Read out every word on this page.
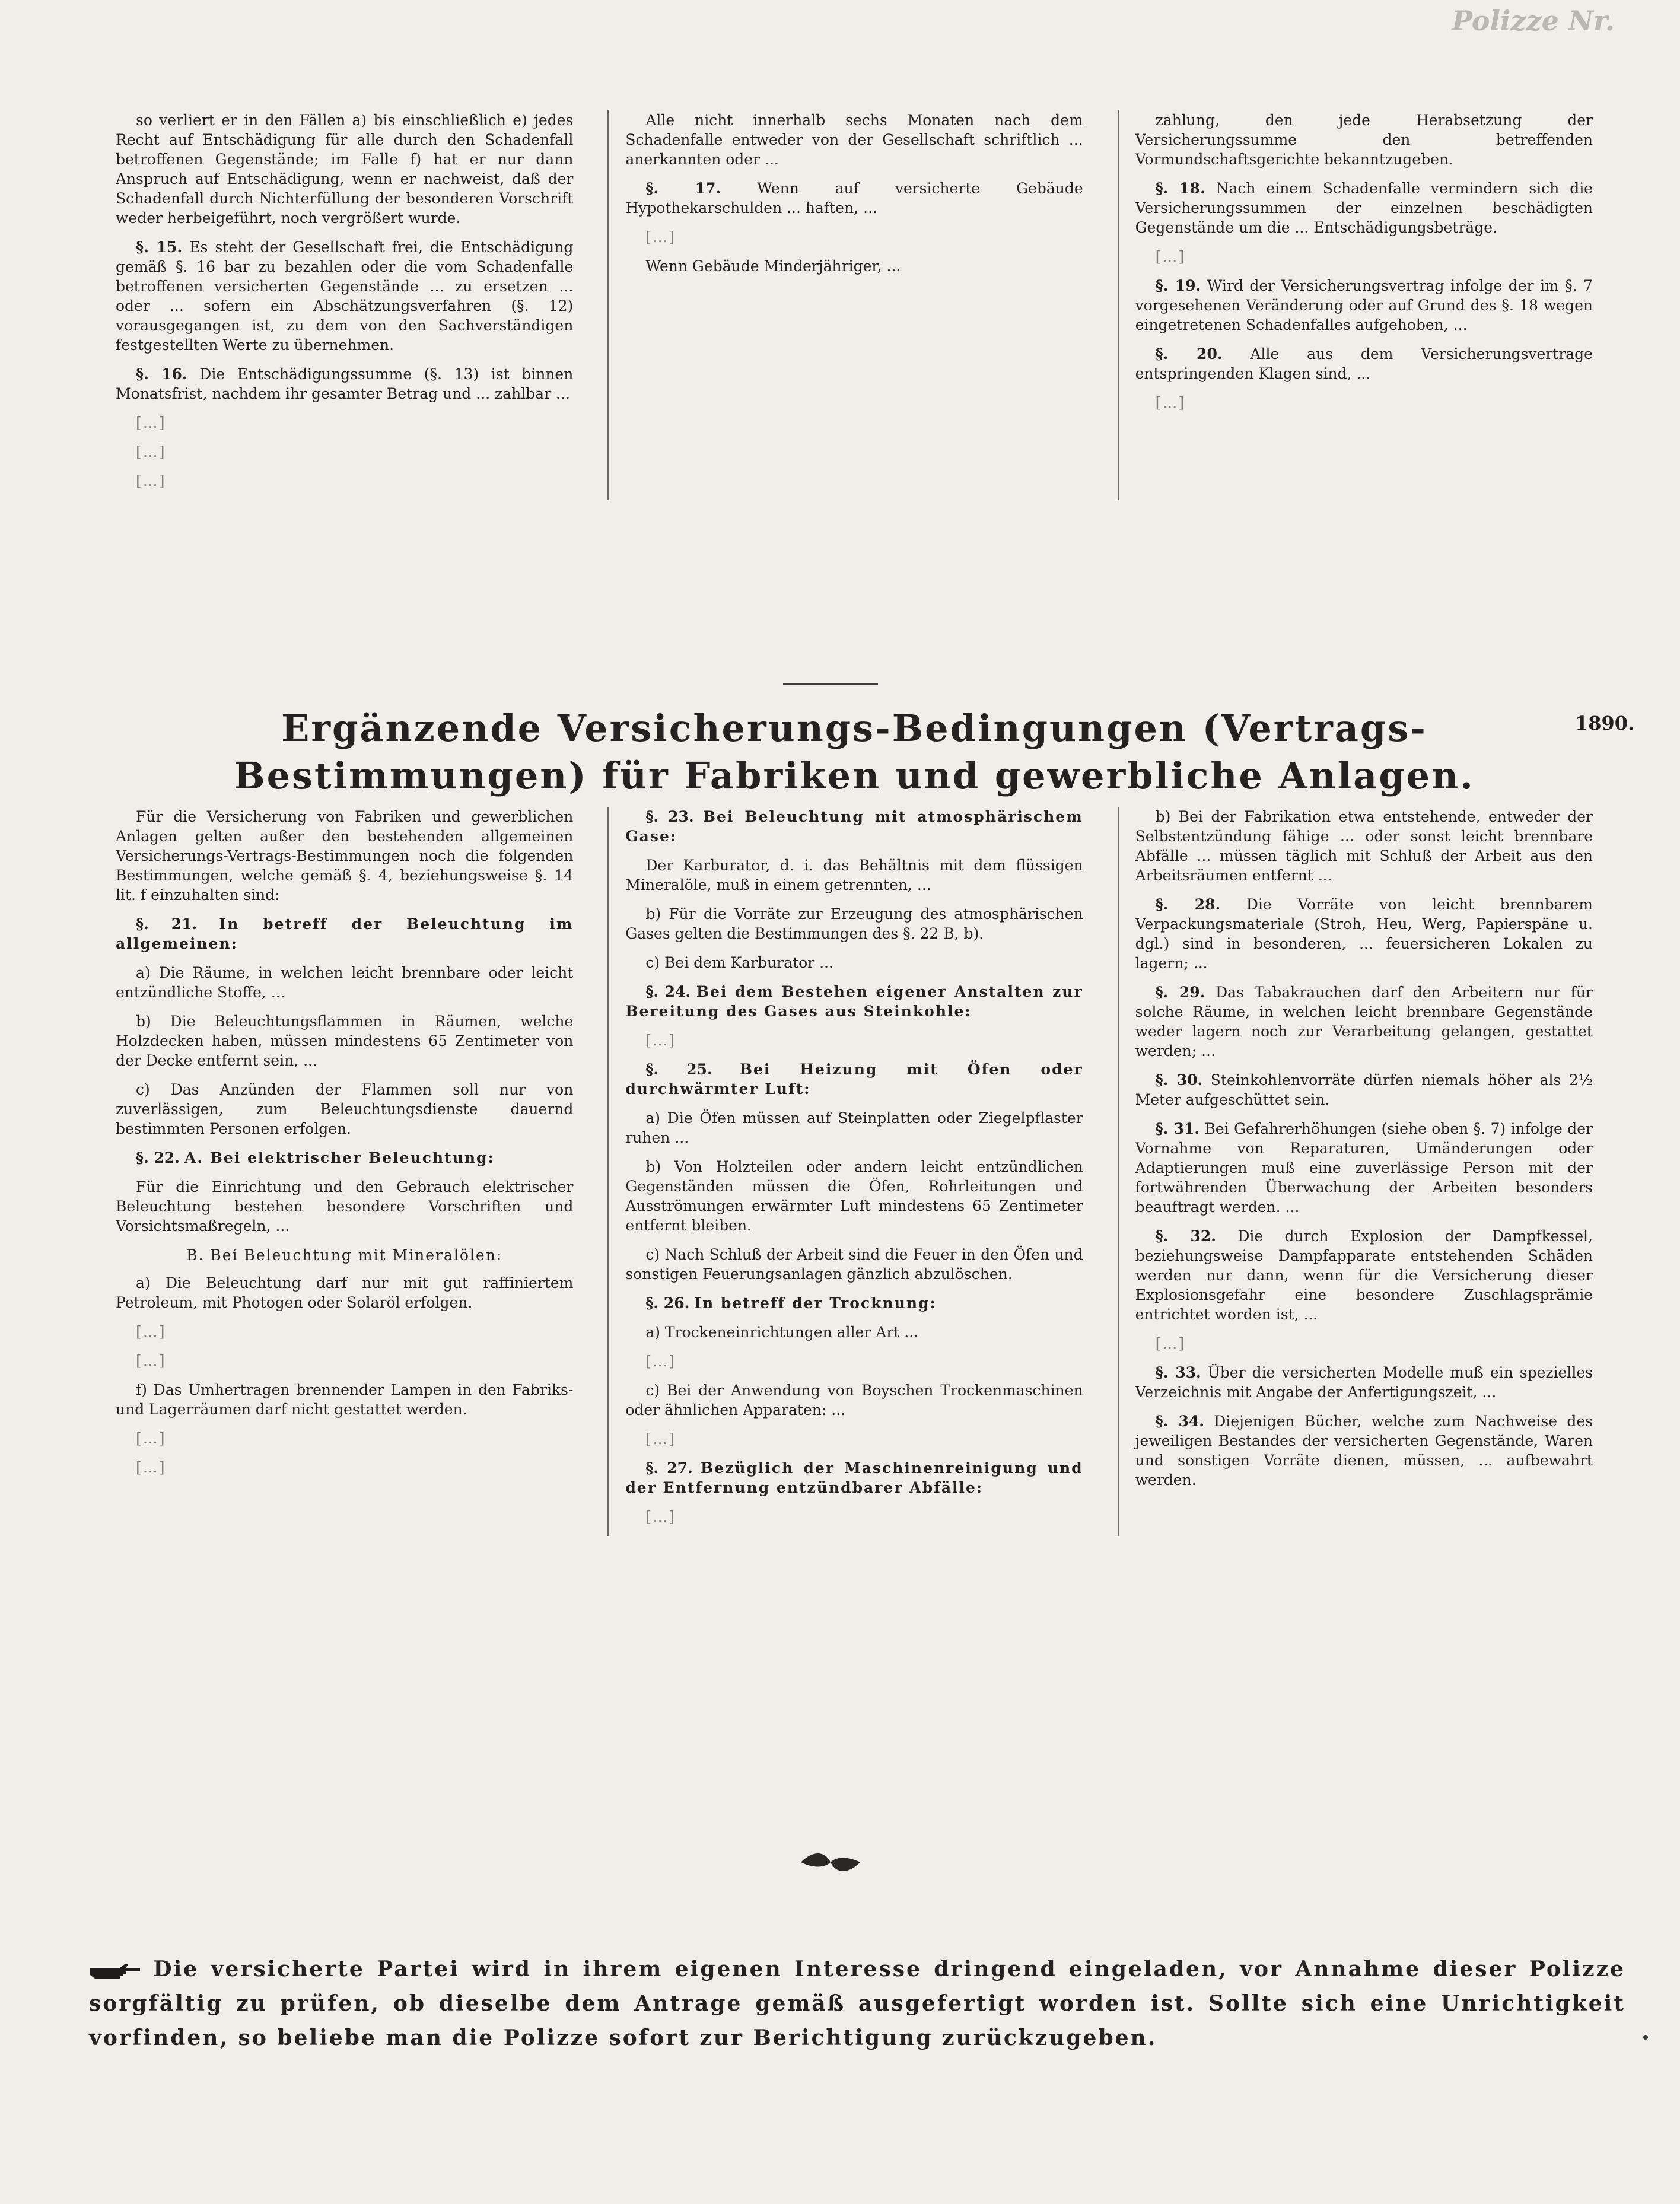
Polizze Nr.

so verliert er in den Fällen a) bis einschließlich e) jedes Recht auf Entschädigung für alle durch den Schadenfall betroffenen Gegenstände; im Falle f) hat er nur dann Anspruch auf Entschädigung, wenn er nachweist, daß der Schadenfall durch Nichterfüllung der besonderen Vorschrift weder herbeigeführt, noch vergrößert wurde.

§. 15. Es steht der Gesellschaft frei, die Entschädigung gemäß §. 16 bar zu bezahlen oder die vom Schadenfalle betroffenen versicherten Gegenstände ... zu ersetzen ... oder ... sofern ein Abschätzungsverfahren (§. 12) vorausgegangen ist, zu dem von den Sachverständigen festgestellten Werte zu übernehmen.

§. 16. Die Entschädigungssumme (§. 13) ist binnen Monatsfrist, nachdem ihr gesamter Betrag und ... zahlbar ...

[…]

[…]

[…]

Alle nicht innerhalb sechs Monaten nach dem Schadenfalle entweder von der Gesellschaft schriftlich ... anerkannten oder ...

§. 17. Wenn auf versicherte Gebäude Hypothekarschulden ... haften, ...

[…]

Wenn Gebäude Minderjähriger, ...

zahlung, den jede Herabsetzung der Versicherungssumme den betreffenden Vormundschaftsgerichte bekanntzugeben.

§. 18. Nach einem Schadenfalle vermindern sich die Versicherungssummen der einzelnen beschädigten Gegenstände um die ... Entschädigungsbeträge.

[…]

§. 19. Wird der Versicherungsvertrag infolge der im §. 7 vorgesehenen Veränderung oder auf Grund des §. 18 wegen eingetretenen Schadenfalles aufgehoben, ...

§. 20. Alle aus dem Versicherungsvertrage entspringenden Klagen sind, ...

[…]

Ergänzende Versicherungs-Bedingungen (Vertrags-Bestimmungen) für Fabriken und gewerbliche Anlagen.
1890.

Für die Versicherung von Fabriken und gewerblichen Anlagen gelten außer den bestehenden allgemeinen Versicherungs-Vertrags-Bestimmungen noch die folgenden Bestimmungen, welche gemäß §. 4, beziehungsweise §. 14 lit. f einzuhalten sind:

§. 21. In betreff der Beleuchtung im allgemeinen:

a) Die Räume, in welchen leicht brennbare oder leicht entzündliche Stoffe, ...

b) Die Beleuchtungsflammen in Räumen, welche Holzdecken haben, müssen mindestens 65 Zentimeter von der Decke entfernt sein, ...

c) Das Anzünden der Flammen soll nur von zuverlässigen, zum Beleuchtungsdienste dauernd bestimmten Personen erfolgen.

§. 22. A. Bei elektrischer Beleuchtung:

Für die Einrichtung und den Gebrauch elektrischer Beleuchtung bestehen besondere Vorschriften und Vorsichtsmaßregeln, ...

B. Bei Beleuchtung mit Mineralölen:

a) Die Beleuchtung darf nur mit gut raffiniertem Petroleum, mit Photogen oder Solaröl erfolgen.

[…]

[…]

f) Das Umhertragen brennender Lampen in den Fabriks- und Lagerräumen darf nicht gestattet werden.

[…]

[…]

§. 23. Bei Beleuchtung mit atmosphärischem Gase:

Der Karburator, d. i. das Behältnis mit dem flüssigen Mineralöle, muß in einem getrennten, ...

b) Für die Vorräte zur Erzeugung des atmosphärischen Gases gelten die Bestimmungen des §. 22 B, b).

c) Bei dem Karburator ...

§. 24. Bei dem Bestehen eigener Anstalten zur Bereitung des Gases aus Steinkohle:

[…]

§. 25. Bei Heizung mit Öfen oder durchwärmter Luft:

a) Die Öfen müssen auf Steinplatten oder Ziegelpflaster ruhen ...

b) Von Holzteilen oder andern leicht entzündlichen Gegenständen müssen die Öfen, Rohrleitungen und Ausströmungen erwärmter Luft mindestens 65 Zentimeter entfernt bleiben.

c) Nach Schluß der Arbeit sind die Feuer in den Öfen und sonstigen Feuerungsanlagen gänzlich abzulöschen.

§. 26. In betreff der Trocknung:

a) Trockeneinrichtungen aller Art ...

[…]

c) Bei der Anwendung von Boyschen Trockenmaschinen oder ähnlichen Apparaten: ...

[…]

§. 27. Bezüglich der Maschinenreinigung und der Entfernung entzündbarer Abfälle:

[…]

b) Bei der Fabrikation etwa entstehende, entweder der Selbstentzündung fähige ... oder sonst leicht brennbare Abfälle ... müssen täglich mit Schluß der Arbeit aus den Arbeitsräumen entfernt ...

§. 28. Die Vorräte von leicht brennbarem Verpackungsmateriale (Stroh, Heu, Werg, Papierspäne u. dgl.) sind in besonderen, ... feuersicheren Lokalen zu lagern; ...

§. 29. Das Tabakrauchen darf den Arbeitern nur für solche Räume, in welchen leicht brennbare Gegenstände weder lagern noch zur Verarbeitung gelangen, gestattet werden; ...

§. 30. Steinkohlenvorräte dürfen niemals höher als 2½ Meter aufgeschüttet sein.

§. 31. Bei Gefahrerhöhungen (siehe oben §. 7) infolge der Vornahme von Reparaturen, Umänderungen oder Adaptierungen muß eine zuverlässige Person mit der fortwährenden Überwachung der Arbeiten besonders beauftragt werden. ...

§. 32. Die durch Explosion der Dampfkessel, beziehungsweise Dampfapparate entstehenden Schäden werden nur dann, wenn für die Versicherung dieser Explosionsgefahr eine besondere Zuschlagsprämie entrichtet worden ist, ...

[…]

§. 33. Über die versicherten Modelle muß ein spezielles Verzeichnis mit Angabe der Anfertigungszeit, ...

§. 34. Diejenigen Bücher, welche zum Nachweise des jeweiligen Bestandes der versicherten Gegenstände, Waren und sonstigen Vorräte dienen, müssen, ... aufbewahrt werden.

Die versicherte Partei wird in ihrem eigenen Interesse dringend eingeladen, vor Annahme dieser Polizze sorgfältig zu prüfen, ob dieselbe dem Antrage gemäß ausgefertigt worden ist. Sollte sich eine Unrichtigkeit vorfinden, so beliebe man die Polizze sofort zur Berichtigung zurückzugeben.
